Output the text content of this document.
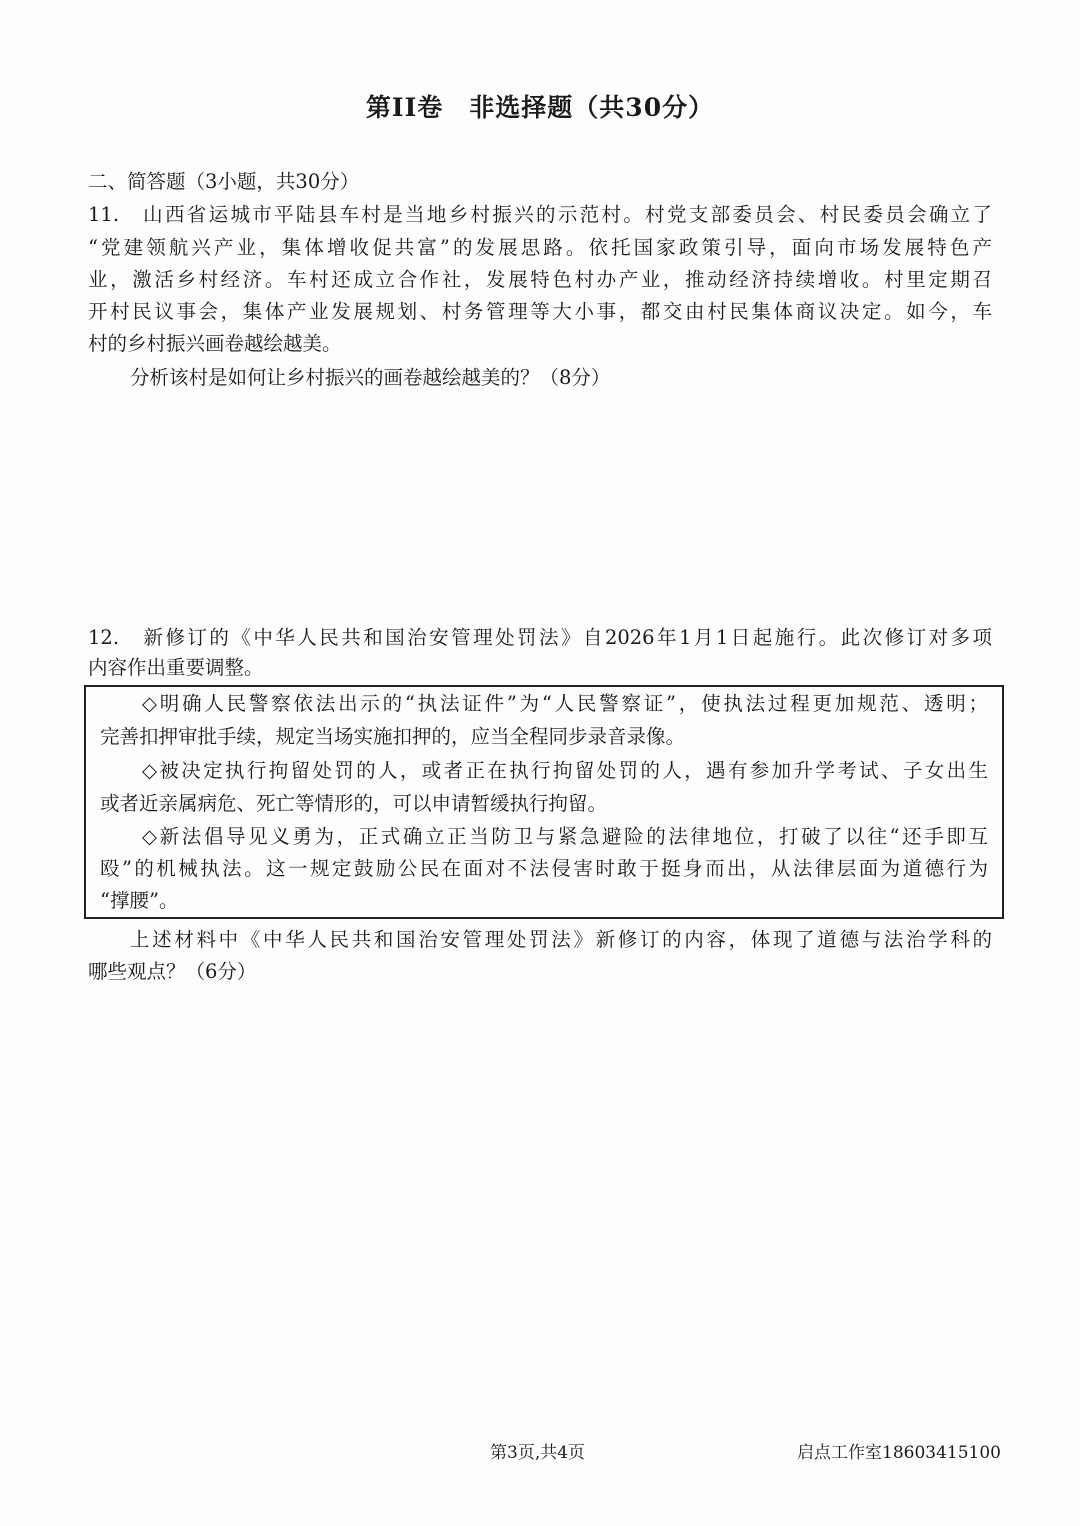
第II卷　非选择题（共30分）
二、简答题（3小题，共30分）
11.　山西省运城市平陆县车村是当地乡村振兴的示范村。村党支部委员会、村民委员会确立了
“党建领航兴产业，集体增收促共富”的发展思路。依托国家政策引导，面向市场发展特色产
业，激活乡村经济。车村还成立合作社，发展特色村办产业，推动经济持续增收。村里定期召
开村民议事会，集体产业发展规划、村务管理等大小事，都交由村民集体商议决定。如今，车
村的乡村振兴画卷越绘越美。
分析该村是如何让乡村振兴的画卷越绘越美的？（8分）
12.　新修订的《中华人民共和国治安管理处罚法》自2026年1月1日起施行。此次修订对多项
内容作出重要调整。
◇明确人民警察依法出示的“执法证件”为“人民警察证”，使执法过程更加规范、透明；
完善扣押审批手续，规定当场实施扣押的，应当全程同步录音录像。
◇被决定执行拘留处罚的人，或者正在执行拘留处罚的人，遇有参加升学考试、子女出生
或者近亲属病危、死亡等情形的，可以申请暂缓执行拘留。
◇新法倡导见义勇为，正式确立正当防卫与紧急避险的法律地位，打破了以往“还手即互
殴”的机械执法。这一规定鼓励公民在面对不法侵害时敢于挺身而出，从法律层面为道德行为
“撑腰”。
上述材料中《中华人民共和国治安管理处罚法》新修订的内容，体现了道德与法治学科的
哪些观点？（6分）
第3页,共4页	启点工作室18603415100
